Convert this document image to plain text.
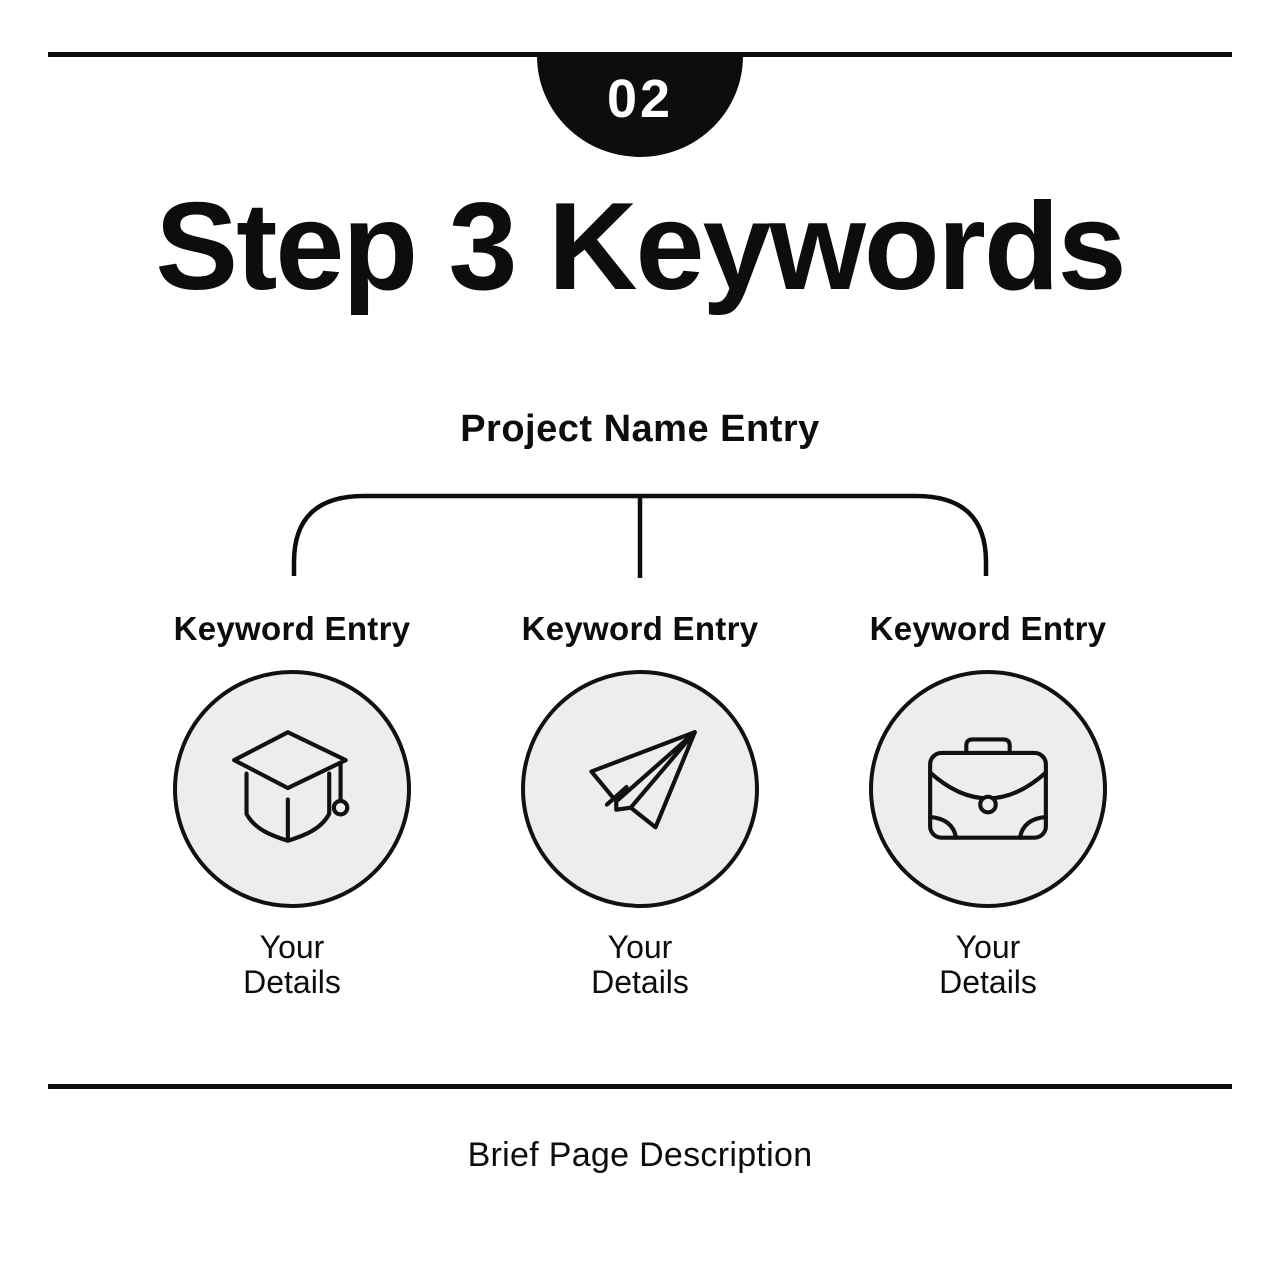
02
Step 3 Keywords
Project Name Entry
Keyword Entry
Your Details
Keyword Entry
Your Details
Keyword Entry
Your Details
Brief Page Description
